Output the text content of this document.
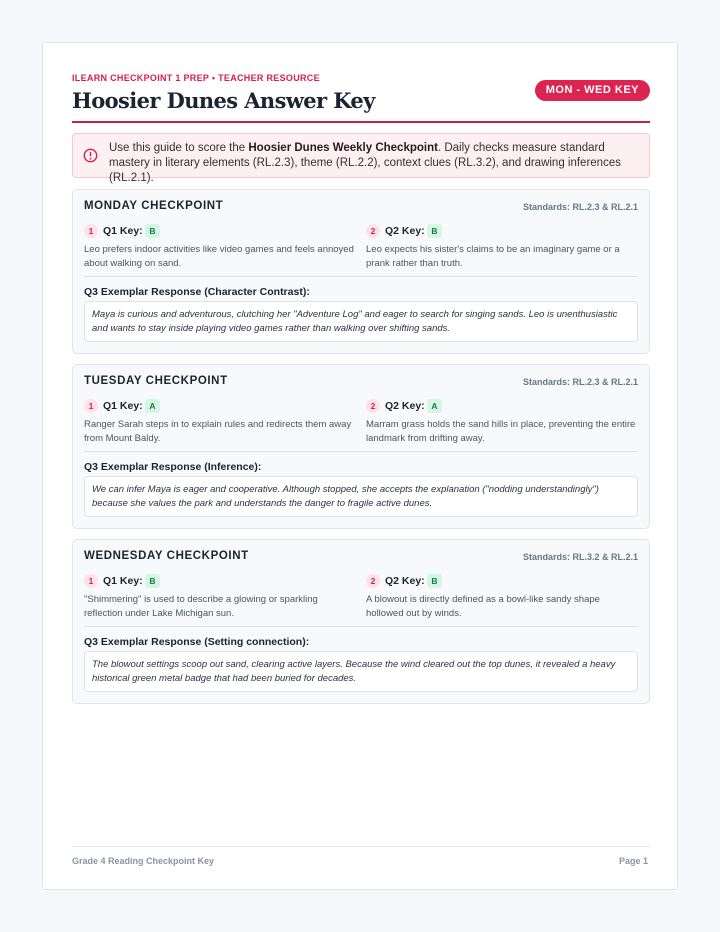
ILEARN CHECKPOINT 1 PREP • TEACHER RESOURCE
Hoosier Dunes Answer Key	MON - WED KEY
Use this guide to score the Hoosier Dunes Weekly Checkpoint. Daily checks measure standard mastery in literary elements (RL.2.3), theme (RL.2.2), context clues (RL.3.2), and drawing inferences (RL.2.1).
MONDAY CHECKPOINT	Standards: RL.2.3 & RL.2.1
1 Q1 Key: B
Leo prefers indoor activities like video games and feels annoyed about walking on sand.
2 Q2 Key: B
Leo expects his sister's claims to be an imaginary game or a prank rather than truth.
Q3 Exemplar Response (Character Contrast):
Maya is curious and adventurous, clutching her "Adventure Log" and eager to search for singing sands. Leo is unenthusiastic and wants to stay inside playing video games rather than walking over shifting sands.
TUESDAY CHECKPOINT	Standards: RL.2.3 & RL.2.1
1 Q1 Key: A
Ranger Sarah steps in to explain rules and redirects them away from Mount Baldy.
2 Q2 Key: A
Marram grass holds the sand hills in place, preventing the entire landmark from drifting away.
Q3 Exemplar Response (Inference):
We can infer Maya is eager and cooperative. Although stopped, she accepts the explanation ("nodding understandingly") because she values the park and understands the danger to fragile active dunes.
WEDNESDAY CHECKPOINT	Standards: RL.3.2 & RL.2.1
1 Q1 Key: B
"Shimmering" is used to describe a glowing or sparkling reflection under Lake Michigan sun.
2 Q2 Key: B
A blowout is directly defined as a bowl-like sandy shape hollowed out by winds.
Q3 Exemplar Response (Setting connection):
The blowout settings scoop out sand, clearing active layers. Because the wind cleared out the top dunes, it revealed a heavy historical green metal badge that had been buried for decades.
Grade 4 Reading Checkpoint Key	Page 1
